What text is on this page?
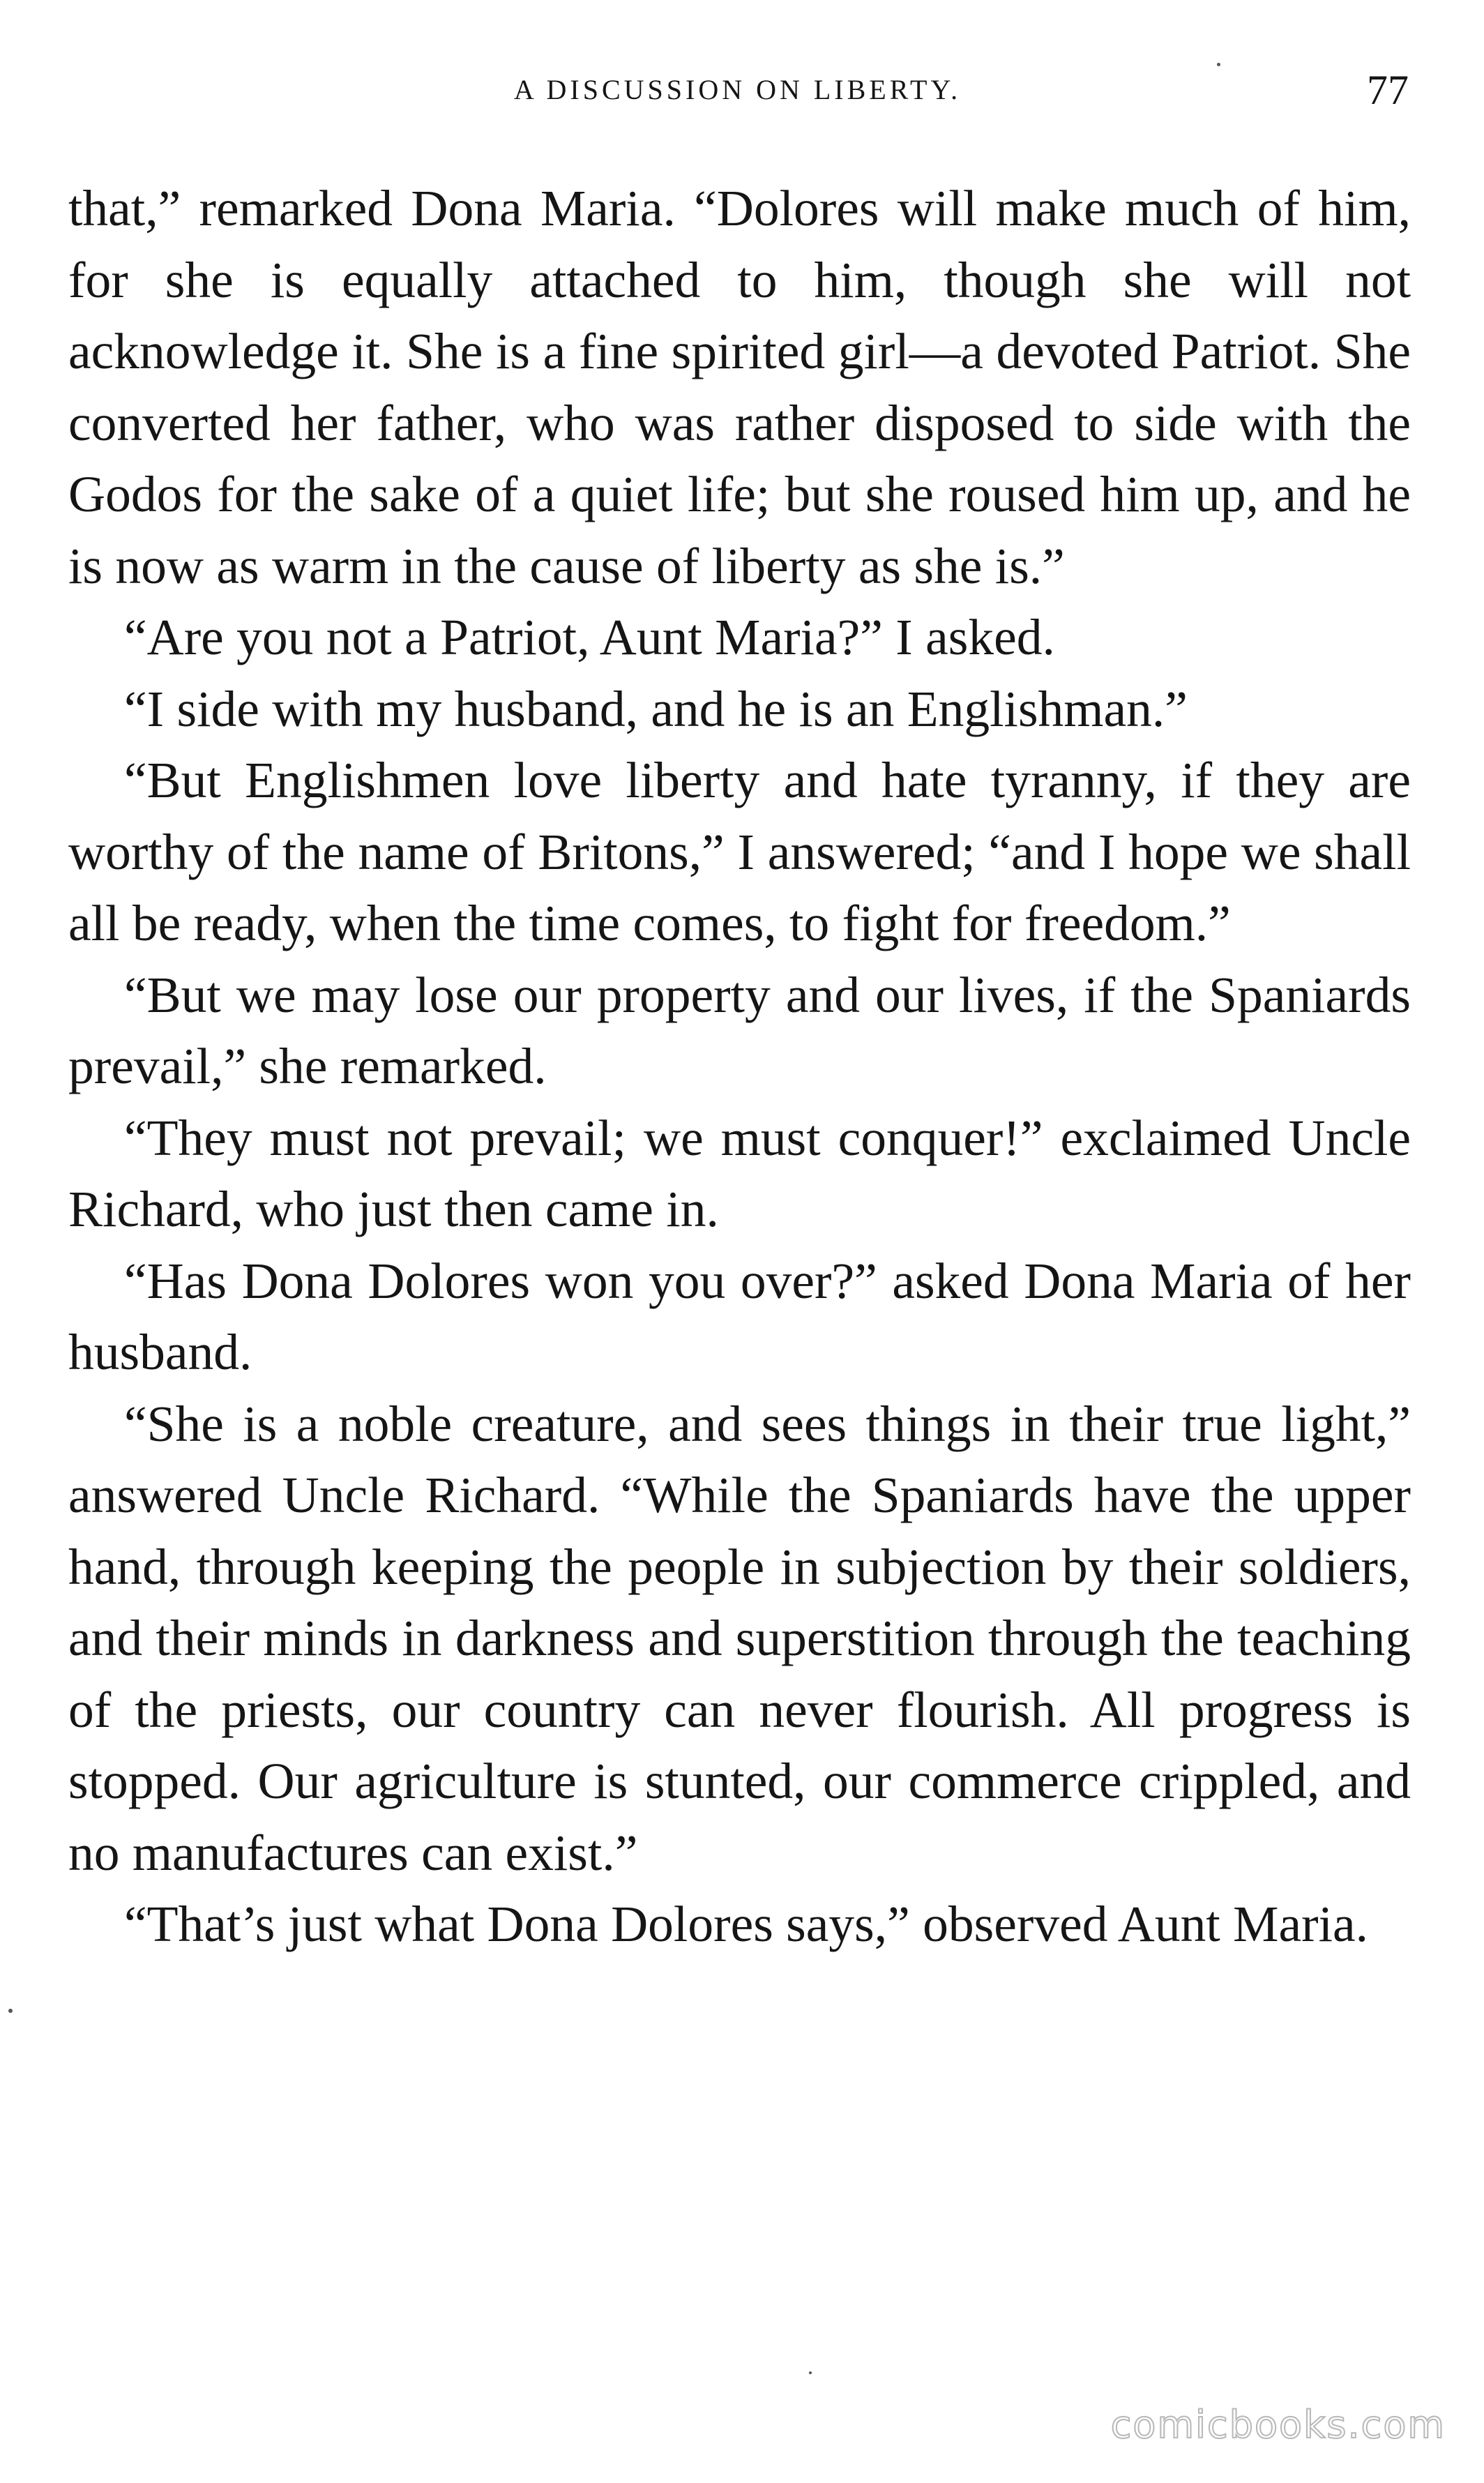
A DISCUSSION ON LIBERTY.	77

that,” remarked Dona Maria. “Dolores will make much of him, for she is equally attached to him, though she will not acknowledge it. She is a fine spirited girl—a devoted Patriot. She converted her father, who was rather disposed to side with the Godos for the sake of a quiet life; but she roused him up, and he is now as warm in the cause of liberty as she is.”

“Are you not a Patriot, Aunt Maria?” I asked.

“I side with my husband, and he is an Englishman.”

“But Englishmen love liberty and hate tyranny, if they are worthy of the name of Britons,” I answered; “and I hope we shall all be ready, when the time comes, to fight for freedom.”

“But we may lose our property and our lives, if the Spaniards prevail,” she remarked.

“They must not prevail; we must conquer!” exclaimed Uncle Richard, who just then came in.

“Has Dona Dolores won you over?” asked Dona Maria of her husband.

“She is a noble creature, and sees things in their true light,” answered Uncle Richard. “While the Spaniards have the upper hand, through keeping the people in subjection by their soldiers, and their minds in darkness and superstition through the teaching of the priests, our country can never flourish. All progress is stopped. Our agriculture is stunted, our commerce crippled, and no manufactures can exist.”

“That’s just what Dona Dolores says,” observed Aunt Maria.

comicbooks.com
